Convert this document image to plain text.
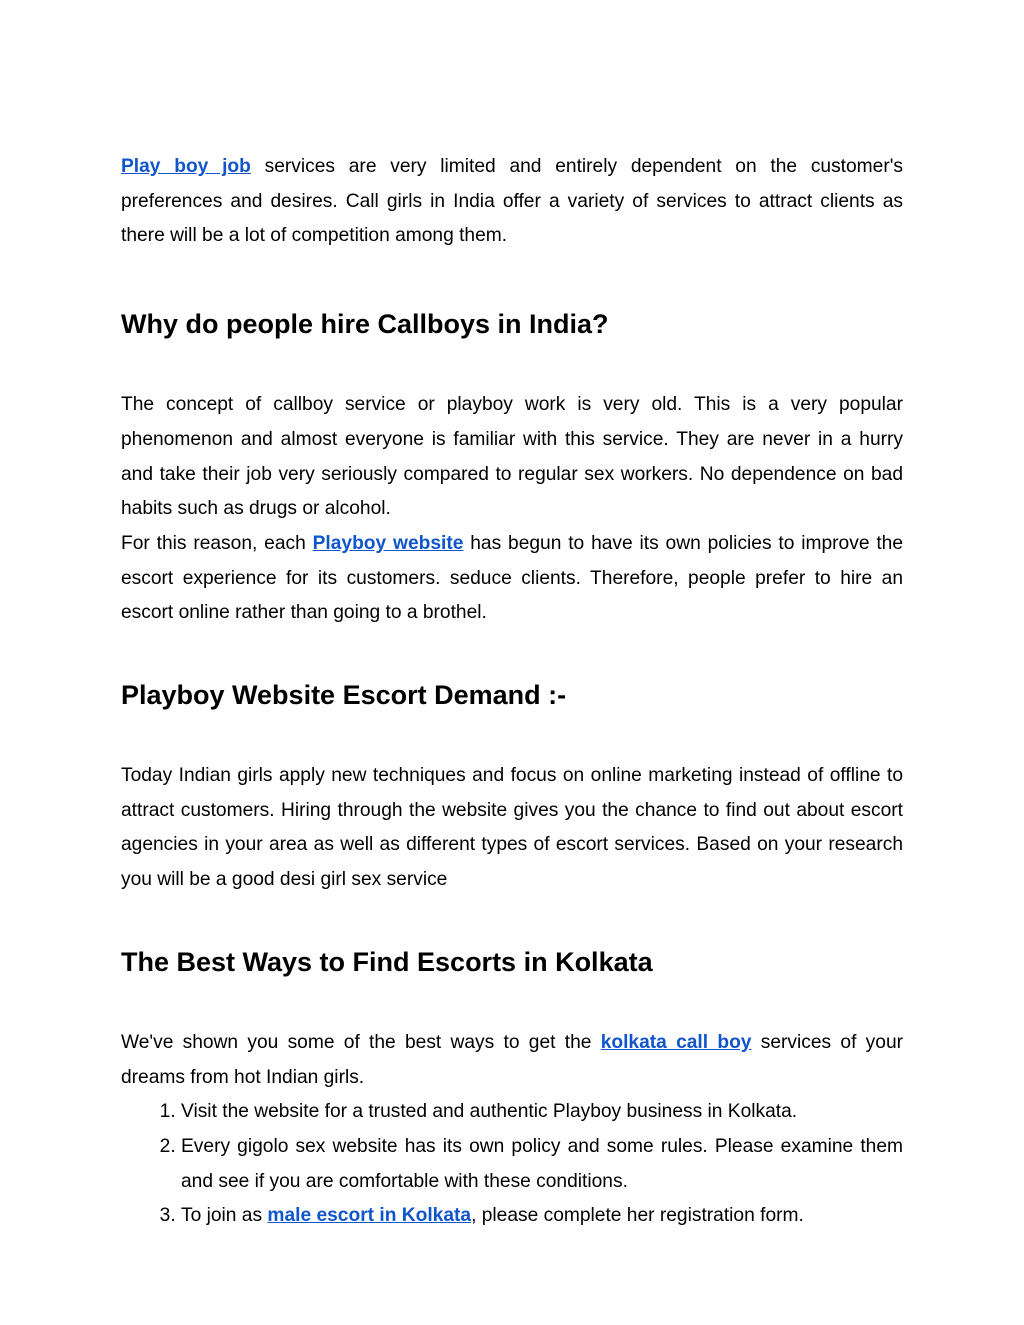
Play boy job services are very limited and entirely dependent on the customer's preferences and desires. Call girls in India offer a variety of services to attract clients as there will be a lot of competition among them.

Why do people hire Callboys in India?

The concept of callboy service or playboy work is very old. This is a very popular phenomenon and almost everyone is familiar with this service. They are never in a hurry and take their job very seriously compared to regular sex workers. No dependence on bad habits such as drugs or alcohol.

For this reason, each Playboy website has begun to have its own policies to improve the escort experience for its customers. seduce clients. Therefore, people prefer to hire an escort online rather than going to a brothel.

Playboy Website Escort Demand :-

Today Indian girls apply new techniques and focus on online marketing instead of offline to attract customers. Hiring through the website gives you the chance to find out about escort agencies in your area as well as different types of escort services. Based on your research you will be a good desi girl sex service

The Best Ways to Find Escorts in Kolkata

We've shown you some of the best ways to get the kolkata call boy services of your dreams from hot Indian girls.

1. Visit the website for a trusted and authentic Playboy business in Kolkata.
2. Every gigolo sex website has its own policy and some rules. Please examine them and see if you are comfortable with these conditions.
3. To join as male escort in Kolkata, please complete her registration form.
